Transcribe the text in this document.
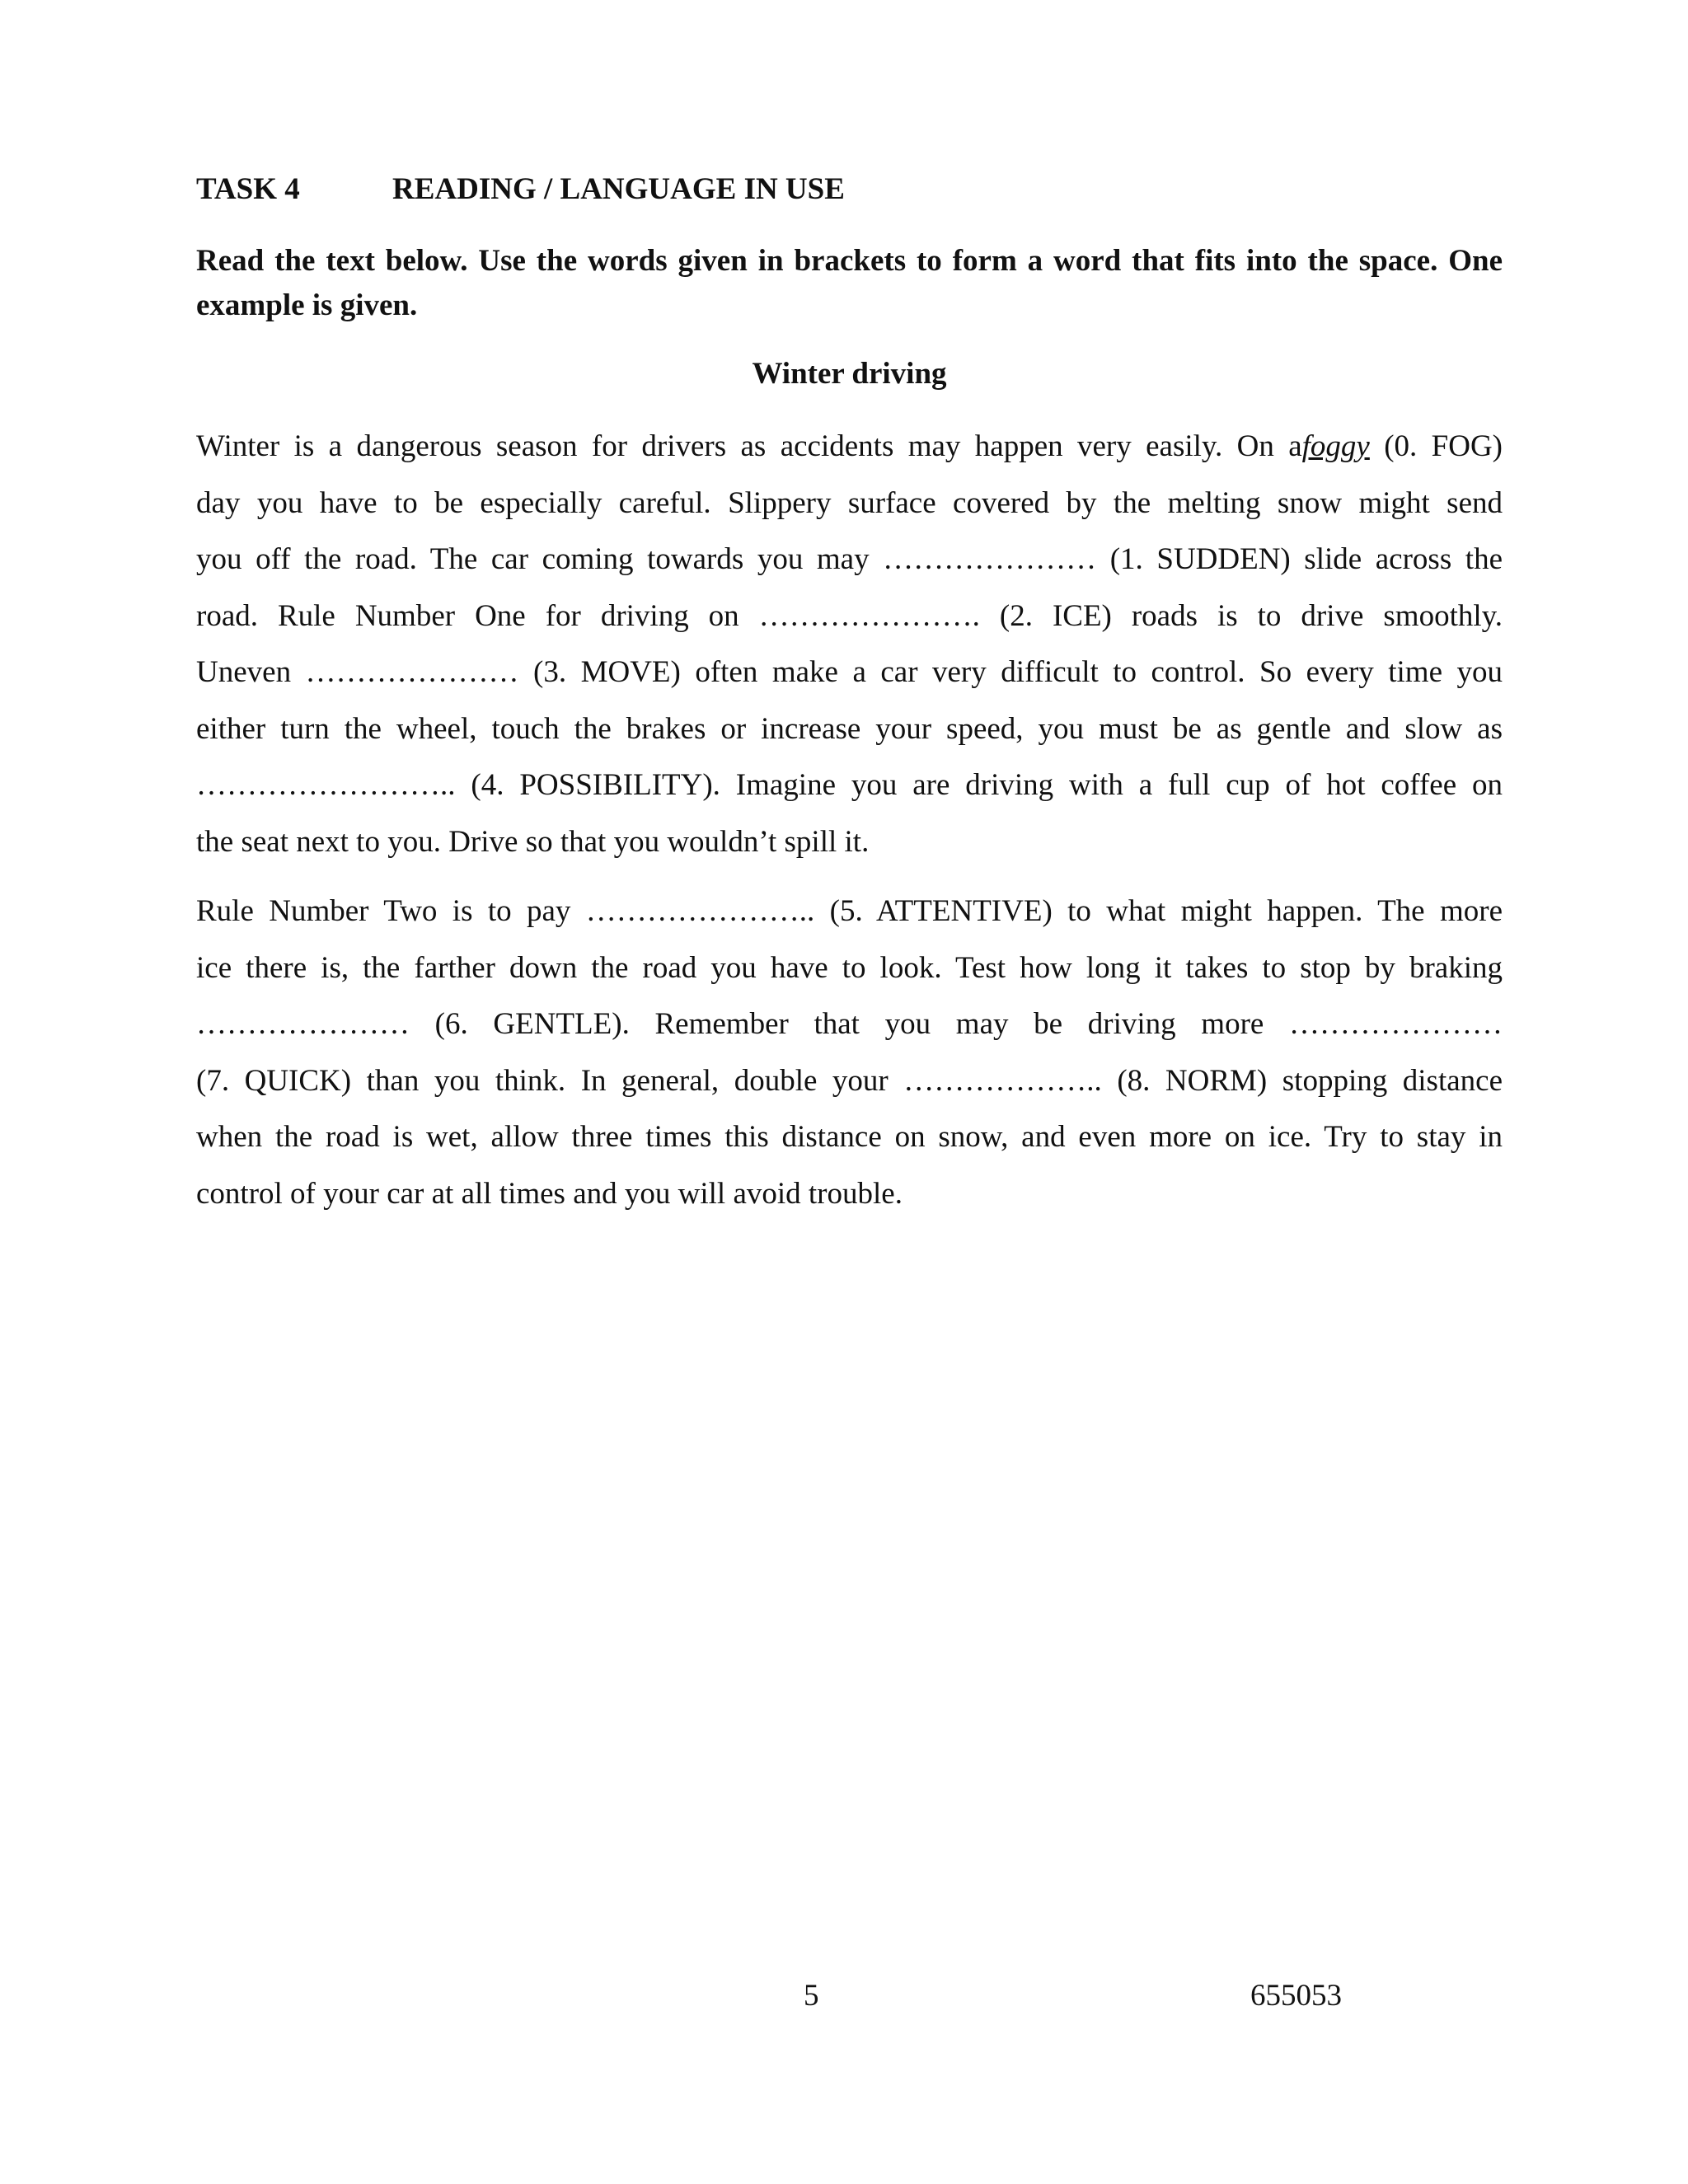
TASK 4	READING / LANGUAGE IN USE
Read the text below. Use the words given in brackets to form a word that fits into the space. One example is given.
Winter driving
Winter is a dangerous season for drivers as accidents may happen very easily. On afoggy (0. FOG)
day you have to be especially careful. Slippery surface covered by the melting snow might send
you off the road. The car coming towards you may ………………… (1. SUDDEN) slide across the
road. Rule Number One for driving on …………………. (2. ICE) roads is to drive smoothly.
Uneven ………………… (3. MOVE) often make a car very difficult to control. So every time you
either turn the wheel, touch the brakes or increase your speed, you must be as gentle and slow as
…………………….. (4. POSSIBILITY). Imagine you are driving with a full cup of hot coffee on
the seat next to you. Drive so that you wouldn’t spill it.
Rule Number Two is to pay ………………….. (5. ATTENTIVE) to what might happen. The more
ice there is, the farther down the road you have to look. Test how long it takes to stop by braking
………………… (6. GENTLE). Remember that you may be driving more …………………
(7. QUICK) than you think. In general, double your ……………….. (8. NORM) stopping distance
when the road is wet, allow three times this distance on snow, and even more on ice. Try to stay in
control of your car at all times and you will avoid trouble.
5	655053
